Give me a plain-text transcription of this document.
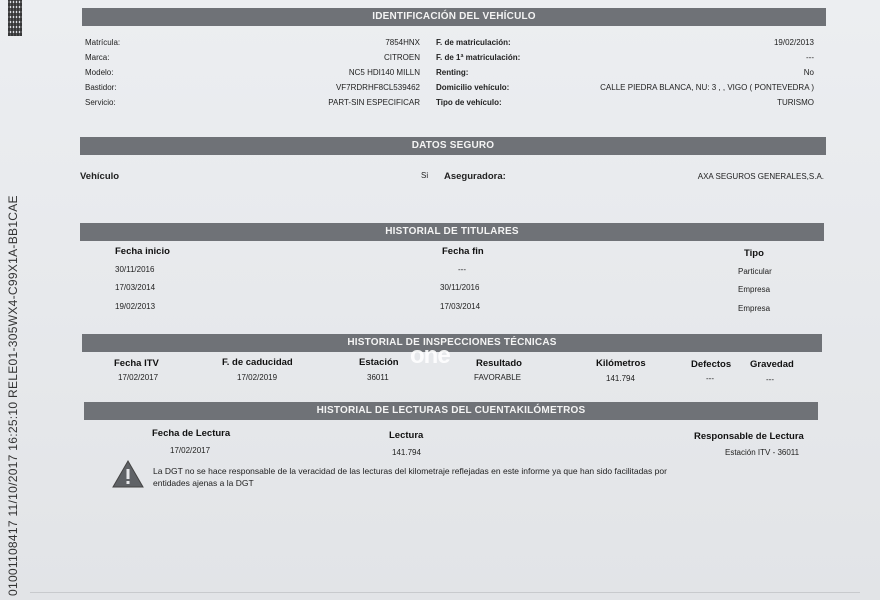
01001108417 11/10/2017 16:25:10 RELE01-305WX4-C99X1A-BB1CAE
IDENTIFICACIÓN DEL VEHÍCULO
Matrícula:	7854HNX
Marca:	CITROEN
Modelo:	NC5 HDI140 MILLN
Bastidor:	VF7RDRHF8CL539462
Servicio:	PART-SIN ESPECIFICAR
F. de matriculación:	19/02/2013
F. de 1ª matriculación:	---
Renting:	No
Domicilio vehículo:	CALLE PIEDRA BLANCA, NU: 3 , , VIGO ( PONTEVEDRA )
Tipo de vehículo:	TURISMO
DATOS SEGURO
Vehículo	Si Aseguradora:	AXA SEGUROS GENERALES,S.A.
HISTORIAL DE TITULARES
Fecha inicio	Fecha fin	Tipo
30/11/2016	---	Particular
17/03/2014	30/11/2016	Empresa
19/02/2013	17/03/2014	Empresa
HISTORIAL DE INSPECCIONES TÉCNICAS
one
Fecha ITV	F. de caducidad	Estación	Resultado	Kilómetros	Defectos Gravedad
17/02/2017	17/02/2019	36011	FAVORABLE	141.794	---	---
HISTORIAL DE LECTURAS DEL CUENTAKILÓMETROS
Fecha de Lectura	Lectura	Responsable de Lectura
17/02/2017	141.794	Estación ITV - 36011
La DGT no se hace responsable de la veracidad de las lecturas del kilometraje reflejadas en este informe ya que han sido facilitadas por
entidades ajenas a la DGT
